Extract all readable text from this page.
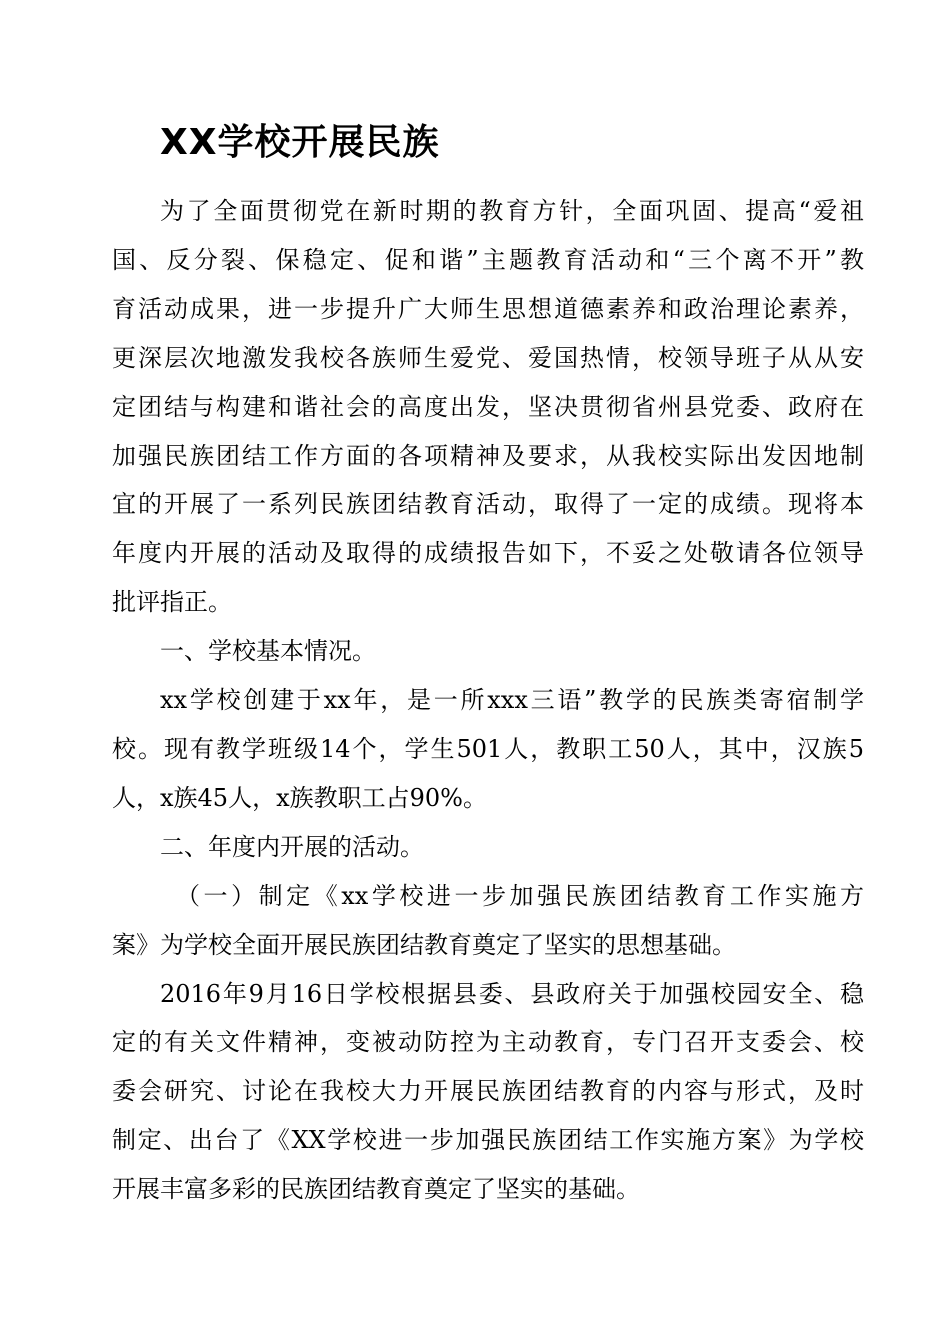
XX学校开展民族
为了全面贯彻党在新时期的教育方针，全面巩固、提高“爱祖
国、反分裂、保稳定、促和谐”主题教育活动和“三个离不开”教
育活动成果，进一步提升广大师生思想道德素养和政治理论素养，
更深层次地激发我校各族师生爱党、爱国热情，校领导班子从从安
定团结与构建和谐社会的高度出发，坚决贯彻省州县党委、政府在
加强民族团结工作方面的各项精神及要求，从我校实际出发因地制
宜的开展了一系列民族团结教育活动，取得了一定的成绩。现将本
年度内开展的活动及取得的成绩报告如下，不妥之处敬请各位领导
批评指正。
一、学校基本情况。
xx学校创建于xx年，是一所xxx三语”教学的民族类寄宿制学
校。现有教学班级14个，学生501人，教职工50人，其中，汉族5
人，x族45人，x族教职工占90%。
二、年度内开展的活动。
（一）制定《xx学校进一步加强民族团结教育工作实施方
案》为学校全面开展民族团结教育奠定了坚实的思想基础。
2016年9月16日学校根据县委、县政府关于加强校园安全、稳
定的有关文件精神，变被动防控为主动教育，专门召开支委会、校
委会研究、讨论在我校大力开展民族团结教育的内容与形式，及时
制定、出台了《XX学校进一步加强民族团结工作实施方案》为学校
开展丰富多彩的民族团结教育奠定了坚实的基础。
